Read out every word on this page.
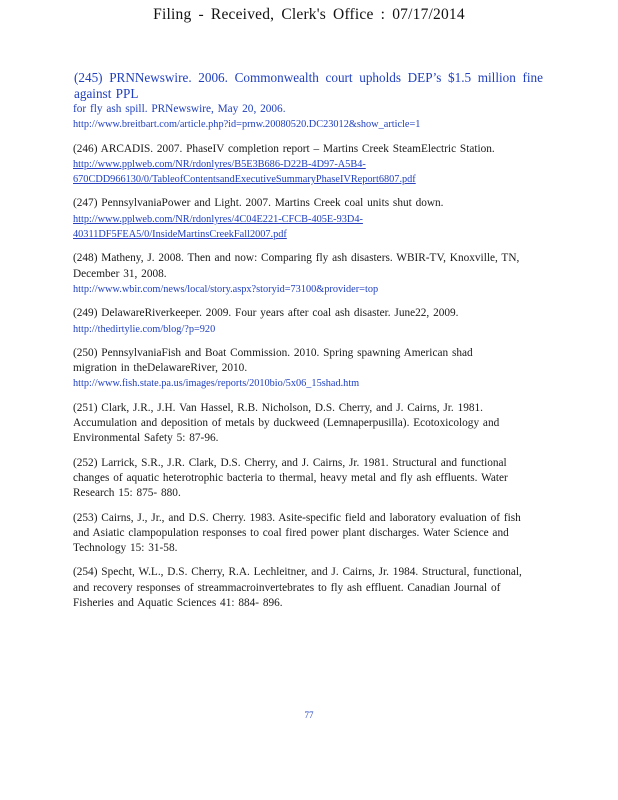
Filing - Received, Clerk's Office : 07/17/2014
(245) PRNNewswire. 2006. Commonwealth court upholds DEP’s $1.5 million fine against PPL
for fly ash spill. PRNewswire, May 20, 2006.
http://www.breitbart.com/article.php?id=prnw.20080520.DC23012&show_article=1
(246) ARCADIS. 2007. PhaseIV completion report – Martins Creek SteamElectric Station.
http://www.pplweb.com/NR/rdonlyres/B5E3B686-D22B-4D97-A5B4-
670CDD966130/0/TableofContentsandExecutiveSummaryPhaseIVReport6807.pdf
(247) PennsylvaniaPower and Light. 2007. Martins Creek coal units shut down.
http://www.pplweb.com/NR/rdonlyres/4C04E221-CFCB-405E-93D4-
40311DF5FEA5/0/InsideMartinsCreekFall2007.pdf
(248) Matheny, J. 2008. Then and now: Comparing fly ash disasters. WBIR-TV, Knoxville, TN,
December 31, 2008.
http://www.wbir.com/news/local/story.aspx?storyid=73100&provider=top
(249) DelawareRiverkeeper. 2009. Four years after coal ash disaster. June22, 2009.
http://thedirtylie.com/blog/?p=920
(250) PennsylvaniaFish and Boat Commission. 2010. Spring spawning American shad
migration in theDelawareRiver, 2010.
http://www.fish.state.pa.us/images/reports/2010bio/5x06_15shad.htm
(251) Clark, J.R., J.H. Van Hassel, R.B. Nicholson, D.S. Cherry, and J. Cairns, Jr. 1981.
Accumulation and deposition of metals by duckweed (Lemnaperpusilla). Ecotoxicology and
Environmental Safety 5: 87-96.
(252) Larrick, S.R., J.R. Clark, D.S. Cherry, and J. Cairns, Jr. 1981. Structural and functional
changes of aquatic heterotrophic bacteria to thermal, heavy metal and fly ash effluents. Water
Research 15: 875- 880.
(253) Cairns, J., Jr., and D.S. Cherry. 1983. Asite-specific field and laboratory evaluation of fish
and Asiatic clampopulation responses to coal fired power plant discharges. Water Science and
Technology 15: 31-58.
(254) Specht, W.L., D.S. Cherry, R.A. Lechleitner, and J. Cairns, Jr. 1984. Structural, functional,
and recovery responses of streammacroinvertebrates to fly ash effluent. Canadian Journal of
Fisheries and Aquatic Sciences 41: 884- 896.
77
